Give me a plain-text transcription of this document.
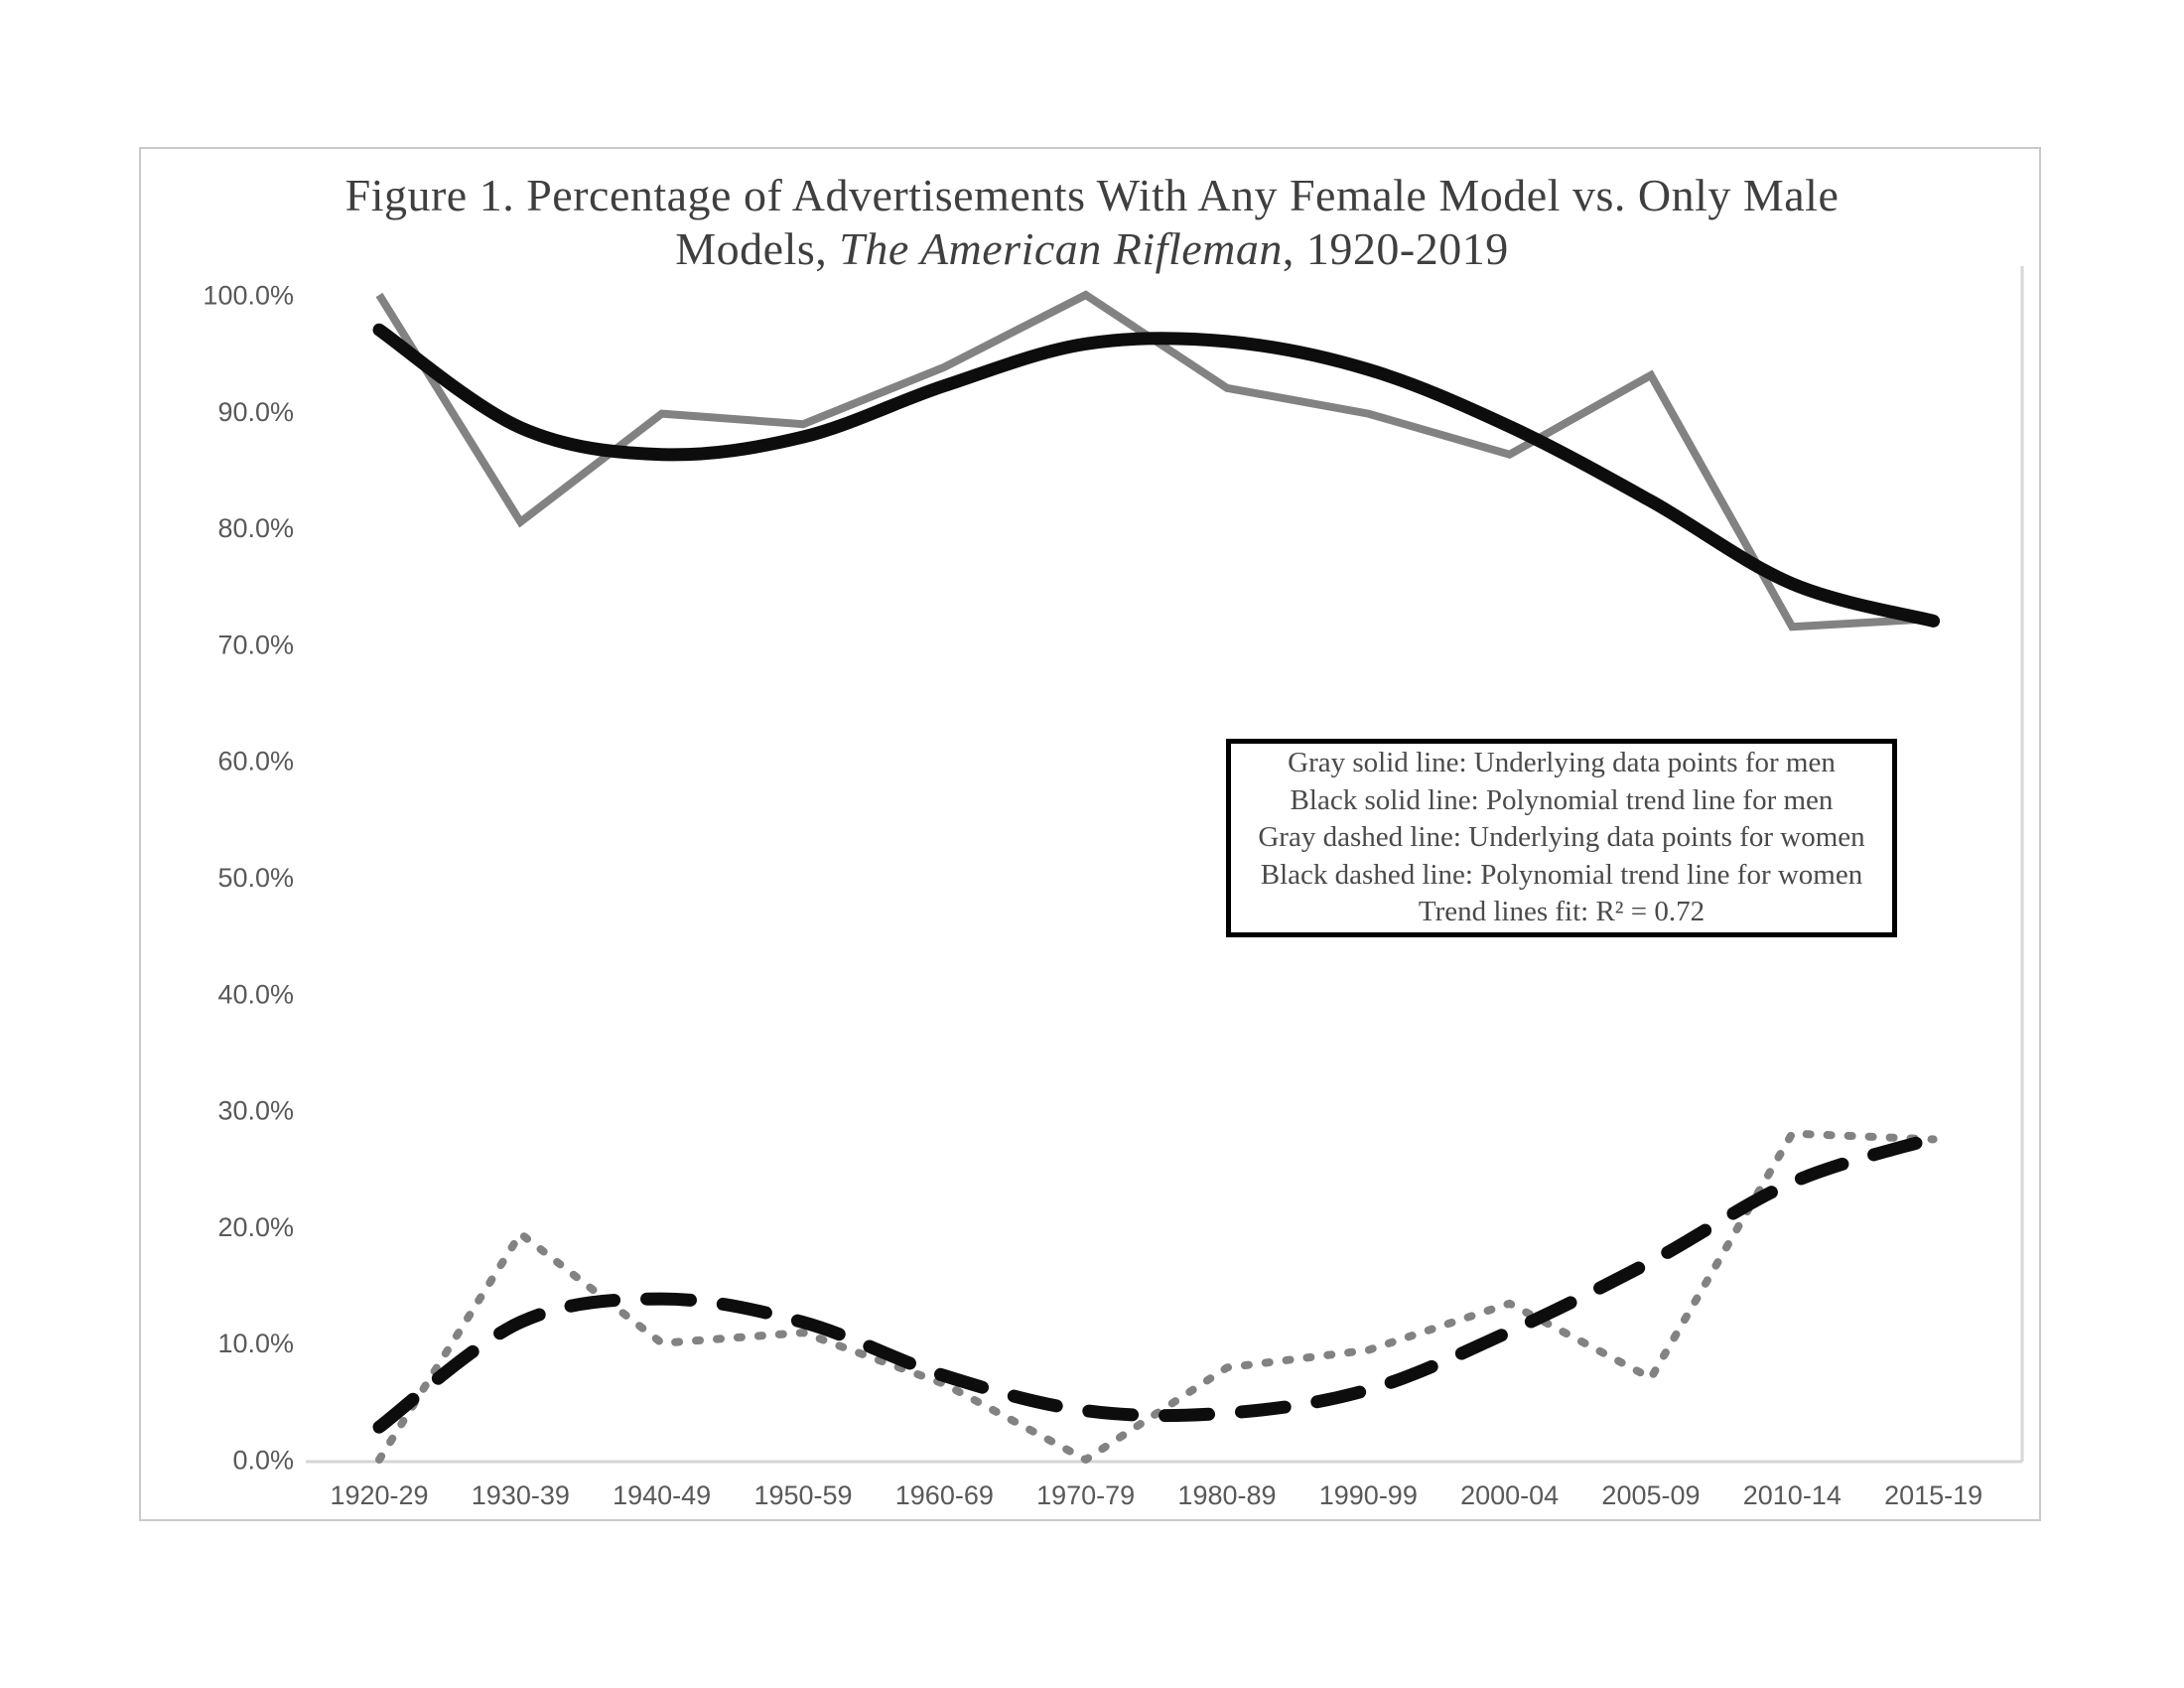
Figure 1. Percentage of Advertisements With Any Female Model vs. Only Male
Models, The American Rifleman, 1920-2019
100.0%
90.0%
80.0%
70.0%
60.0%
50.0%
40.0%
30.0%
20.0%
10.0%
0.0%
1920-29 1930-39 1940-49 1950-59 1960-69 1970-79 1980-89 1990-99 2000-04 2005-09 2010-14 2015-19
Gray solid line: Underlying data points for men
Black solid line: Polynomial trend line for men
Gray dashed line: Underlying data points for women
Black dashed line: Polynomial trend line for women
Trend lines fit: R² = 0.72
